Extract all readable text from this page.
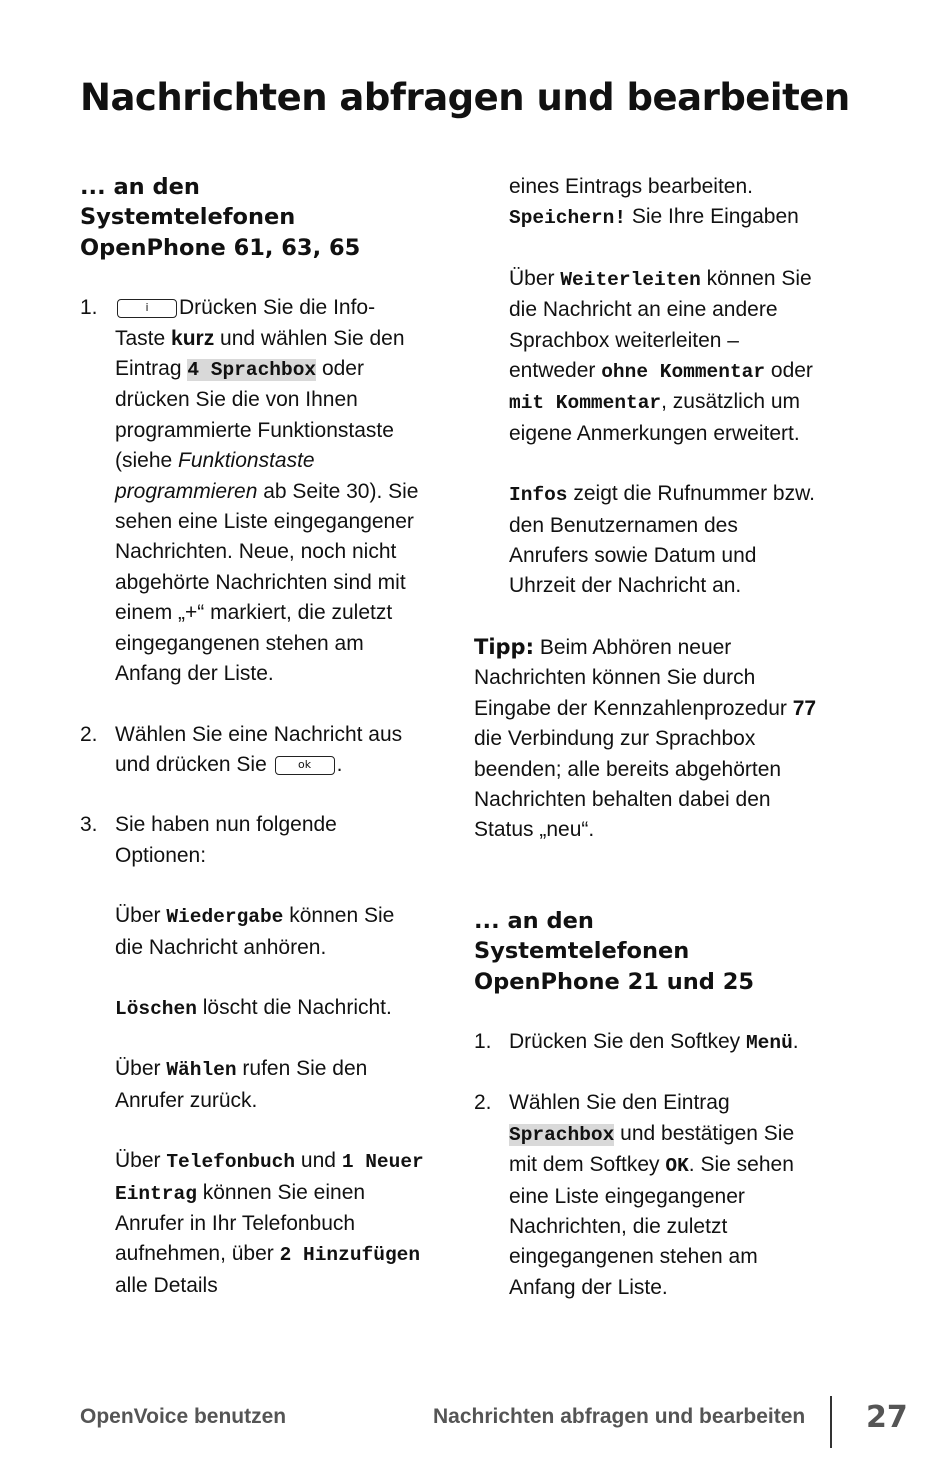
Nachrichten abfragen und bearbeiten
... an den
Systemtelefonen
OpenPhone 61, 63, 65
1.	i Drücken Sie die Info-Taste kurz und wählen Sie den Eintrag 4 Sprachbox oder drücken Sie die von Ihnen programmierte Funktionstaste (siehe Funktionstaste programmieren ab Seite 30). Sie sehen eine Liste eingegangener Nachrichten. Neue, noch nicht abgehörte Nachrichten sind mit einem „+“ markiert, die zuletzt eingegangenen stehen am Anfang der Liste.
2. Wählen Sie eine Nachricht aus und drücken Sie ok .
3. Sie haben nun folgende Optionen:

Über Wiedergabe können Sie die Nachricht anhören.

Löschen löscht die Nachricht.

Über Wählen rufen Sie den Anrufer zurück.

Über Telefonbuch und 1 Neuer Eintrag können Sie einen Anrufer in Ihr Telefonbuch aufnehmen, über 2 Hinzufügen alle Details

eines Eintrags bearbeiten. Speichern! Sie Ihre Eingaben

Über Weiterleiten können Sie die Nachricht an eine andere Sprachbox weiterleiten – entweder ohne Kommentar oder mit Kommentar, zusätzlich um eigene Anmerkungen erweitert.

Infos zeigt die Rufnummer bzw. den Benutzernamen des Anrufers sowie Datum und Uhrzeit der Nachricht an.

Tipp: Beim Abhören neuer Nachrichten können Sie durch Eingabe der Kennzahlenprozedur 77 die Verbindung zur Sprachbox beenden; alle bereits abgehörten Nachrichten behalten dabei den Status „neu“.

... an den
Systemtelefonen
OpenPhone 21 und 25
1. Drücken Sie den Softkey Menü.
2. Wählen Sie den Eintrag Sprachbox und bestätigen Sie mit dem Softkey OK. Sie sehen eine Liste eingegangener Nachrichten, die zuletzt eingegangenen stehen am Anfang der Liste.
OpenVoice benutzen	Nachrichten abfragen und bearbeiten 27
